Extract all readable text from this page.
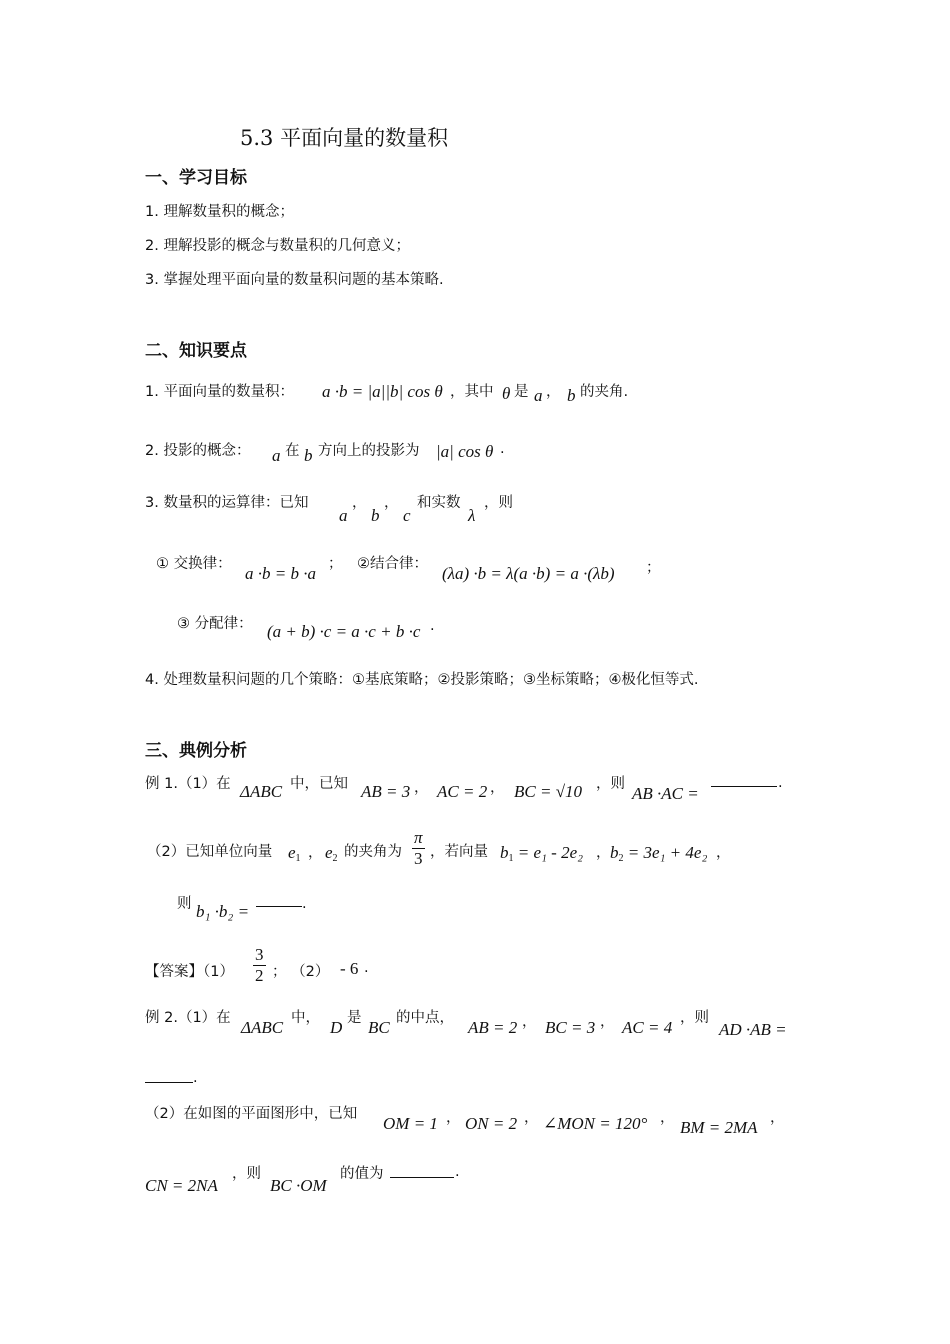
5.3 平面向量的数量积
一、学习目标
1. 理解数量积的概念；
2. 理解投影的概念与数量积的几何意义；
3. 掌握处理平面向量的数量积问题的基本策略.
二、知识要点
1. 平面向量的数量积： a ·b = |a||b| cos θ ，其中 θ 是 a ， b 的夹角.
2. 投影的概念： a 在 b 方向上的投影为 |a| cos θ .
3. 数量积的运算律：已知
a
，
b
，
c
和实数
λ
，则
① 交换律： a ·b = b ·a ； ②结合律： (λa) ·b = λ(a ·b) = a ·(λb) ；
③ 分配律： (a + b) ·c = a ·c + b ·c .
4. 处理数量积问题的几个策略：①基底策略；②投影策略；③坐标策略；④极化恒等式.
三、典例分析
例 1.（1）在 ΔABC 中，已知 AB = 3 ， AC = 2 ， BC = √10 ，则 AB ·AC =
.
（2）已知单位向量 $e_1$ ， $e_2$ 的夹角为 $\frac{\pi}{3}$ ，若向量 $b_1 = e_1 - 2e_2$ ， $b_2 = 3e_1 + 4e_2$ ，
则 b₁ ·b₂ =	.
【答案】$(1) \frac{3}{2}$ ； （2） - 6 .
例 2.（1）在 ΔABC 中， D 是 BC 的中点， AB = 2 ， BC = 3 ， AC = 4 ，则
AD ·AB =
.
（2）在如图的平面图形中，已知 OM = 1 ， ON = 2 ， ∠MON = 120° ， BM = 2MA ，
CN = 2NA
，则
BC ·OM
的值为	.
